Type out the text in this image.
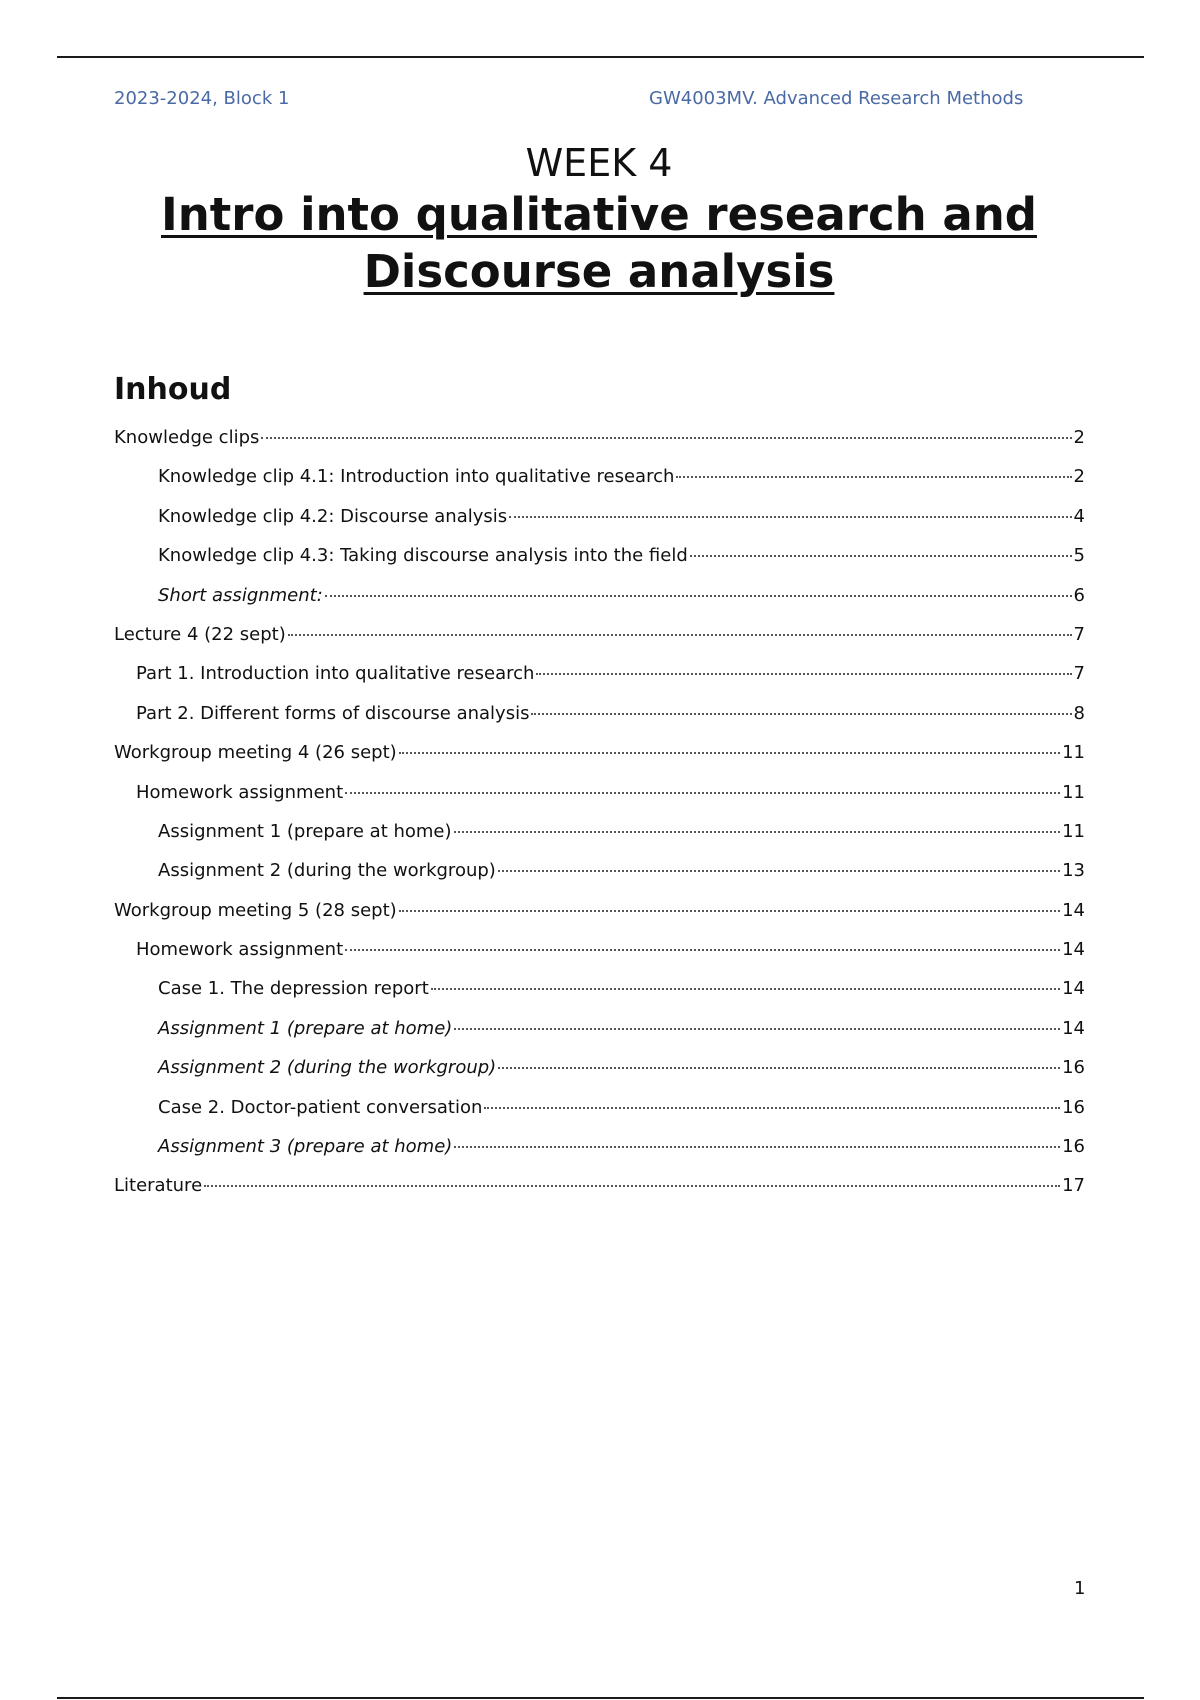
2023-2024, Block 1	GW4003MV. Advanced Research Methods
WEEK 4
Intro into qualitative research and
Discourse analysis
Inhoud
Knowledge clips	2
Knowledge clip 4.1: Introduction into qualitative research	2
Knowledge clip 4.2: Discourse analysis	4
Knowledge clip 4.3: Taking discourse analysis into the field	5
Short assignment:	6
Lecture 4 (22 sept)	7
Part 1. Introduction into qualitative research	7
Part 2. Different forms of discourse analysis	8
Workgroup meeting 4 (26 sept)	11
Homework assignment	11
Assignment 1 (prepare at home)	11
Assignment 2 (during the workgroup)	13
Workgroup meeting 5 (28 sept)	14
Homework assignment	14
Case 1. The depression report	14
Assignment 1 (prepare at home)	14
Assignment 2 (during the workgroup)	16
Case 2. Doctor-patient conversation	16
Assignment 3 (prepare at home)	16
Literature	17
1
